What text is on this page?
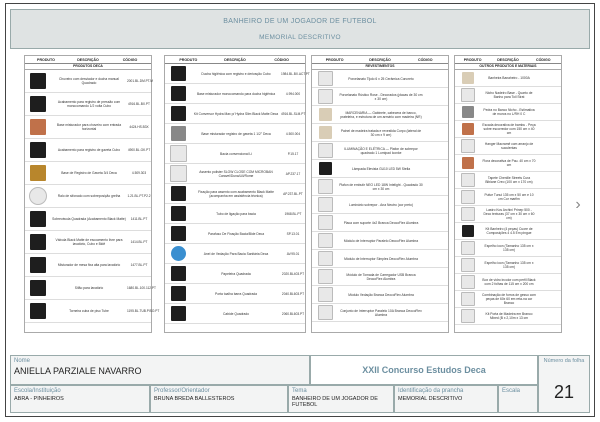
BANHEIRO DE UM JOGADOR DE FUTEBOL
MEMORIAL DESCRITIVO
PRODUTO	DESCRIÇÃO	CÓDIGO
PRODUTOS DECA
Chuveiro com desviador e ducha manual Quadrado	2001.BL.DM.PT.M
Acabamento para registro de pressão com monocomando 1/2 volta Cubo	4916.BL.BX.PT
Base misturador para chuveiro com entrada horizontal	4424.HS.B3X
Acabamento para registro de gaveta Cubo	4900.BL.GK.PT
Base de Registro de Gaveta 3/4 Deca	4.509.303
Ralo de sifonado com sobreposição grelha	1.21.BL.PT.P2.2
Sobrevávula Quadrada (Acabamento Black Matte)	1411.BL.PT
Válvula Black Matte de escoamento livre para lavatório, Cubo e Bidê	1414.BL.PT
Misturador de mesa fixa alta para lavatório	1477.BL.PT
Sifão para lavatório	1680.BL.100.112.PT
Torneira cuba de piso Tube	1195.BL.TUB.PISO.PT
PRODUTO	DESCRIÇÃO	CÓDIGO
Ducha higiênica com registro e derivação Cubo	1984.BL.BX.ACT.PT
Base misturador monocomando para ducha higiênica	4.994.000
Kit Conversor Hydra Max p/ Hydra Slim Black Matte Deca 4916.BL.SLM.PT
Base misturador registro de gaveta 1 1/2" Deca	4.500.004
Bacia convencional Li	P.15.17
Assento polister SLOW CLOSE COM MICROBAN Caravel/Duna/Lili/Rome	AP.237.17
Fixação para assento com acabamento Black Matte (acompanha em assistência técnica)	AP.237.BL.PT
Tubo de ligação para bacia	1968.BL.PT
Parafuso De Fixação Bacia/Bide Deca	SP.13.01
Anel de Vedação Para Bacia Sanitária Deca	AV.95.01
Papeleira Quadrada	2020.BL403.PT
Porta toalha barra Quadrada	2040.BL603.PT
Cabide Quadrado	2060.BL603.PT
PRODUTO	DESCRIÇÃO	CÓDIGO
REVESTIMENTOS
Porcelanato Tijolo 6 x 25 Cerâmica Concreto
Porcelanato Rústico Rose - Decorados (placas de 30 cm x 30 cm)
MARCENARIA — Gabinete, cabecera de banco, prateleira, e estrutura de um armário com madeira (NR)
Painel de madeira tratada e revestida Corpo (lateral de 30 cm x 9 cm)
ILUMINAÇÃO E ELÉTRICA — Plafon de sobrepor quadrado 1 Lumipad Iconke
Lâmpada Elevista GU10 LED 5W Stella
Plafon de embutir NEO LED 18W Intelight - Quadrado 30 cm x 30 cm
Luminário sobrepor - Ana Neutro (cor preto)
Placa com suporte 4x2 Branca DeocoFlex Alumbra
Módulo de Interruptor Paralelo DeocoFlex Alumbra
Módulo de Interruptor Simples DeocoFlex Alumbra
Módulo de Tomada de Carregador USB Branca DeocoFlex Alumbra
Módulo Vedação Branca DeocoFlex Alumbra
Conjunto de Interruptor Paralelo 10A Branca DeocoFlex Alumbra
PRODUTO	DESCRIÇÃO	CÓDIGO
OUTROS PRODUTOS E MATERIAIS
Banheira Banaheiro - 1000A
Nicho Nadeiro Base - Quarto de Banho para Toil Strat
Pedra no Banco Nicho - Estimativa de muros no L/RH 0 C
Escada decorativa de bambu - Peça sobre escorredor com 150 cm x 40 cm
Hanger Macramê com arranjo de suculentas
Flora decorativa de Pau. 40 cm x 70 cm
Tapete Chenille Streets Cura Bibiane Creo (100 cm x 170 cm)
Pufue Tunui 135 cm x 50 cm e 10 cm Cor marfim
Lastro Kos Archini Prinep 500 - Deco texturas (37 cm x 30 cm x 60 cm)
Kit Banheiro (4 peças) Cuore de Composições 4 4.5 Em pingue
Espelho ioon (Tamanho 135 cm x 135 cm)
Espelho ioon (Tamanho 135 cm x 135 cm)
Box de vidro incolor com perfil Black com 2 folhas de 115 cm x 200 cm
Combinação de forros de gesso com peças de 60x 60 em reta-na cor Branco
Kit Porta de Madeira em Branco Mixed (B x 2,10m x 13 cm
›
Nome
ANIELLA PARZIALE NAVARRO	XXII Concurso Estudos Deca
Número da folha
21
Escola/Instituição
ABRA - PINHEIROS
Professor/Orientador
BRUNA BREDA BALLESTEROS
Tema
BANHEIRO DE UM JOGADOR DE FUTEBOL
Identificação da prancha
MEMORIAL DESCRITIVO
Escala
